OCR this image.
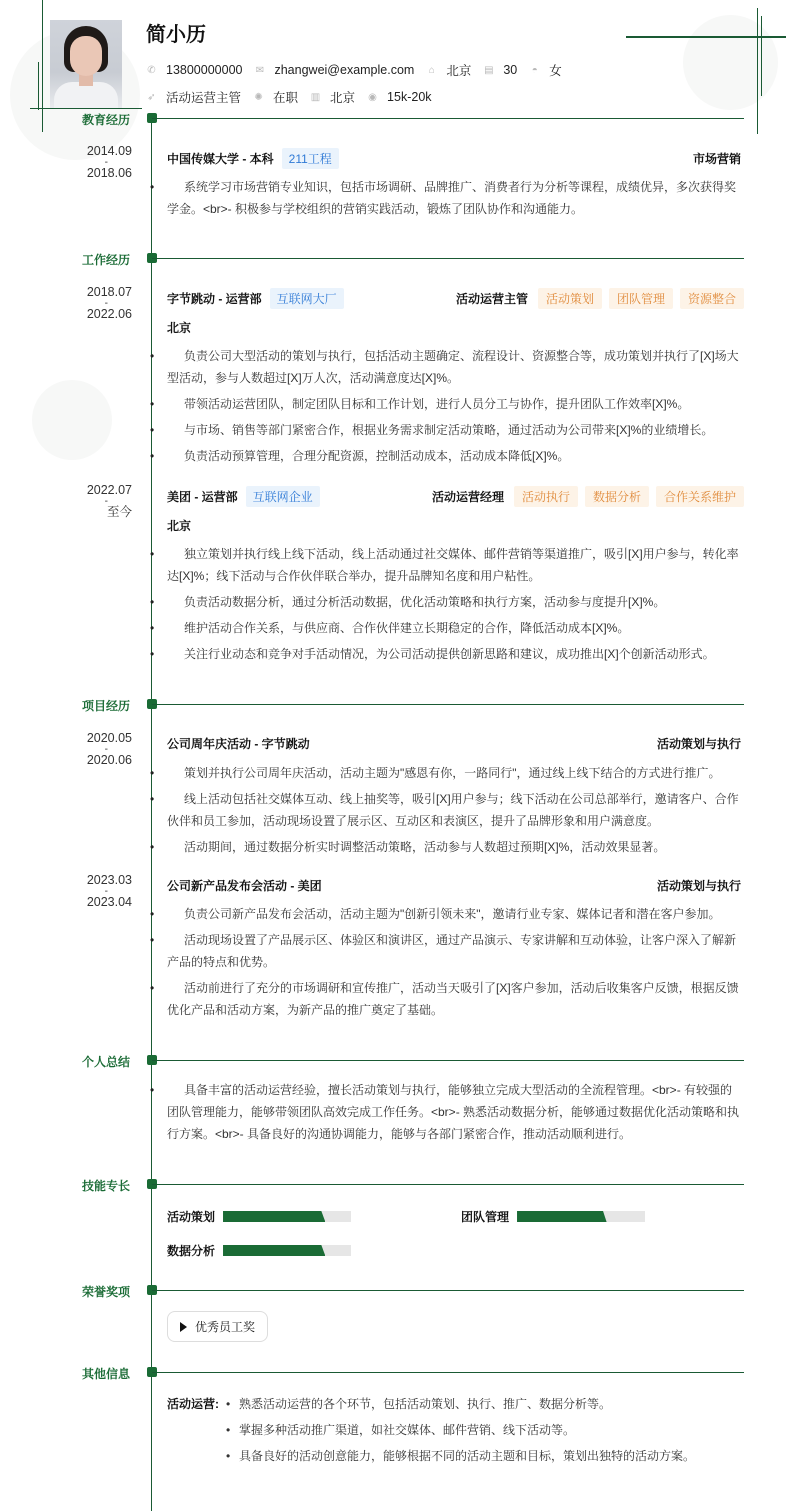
简小历
✆ 13800000000 ✉ zhangwei@example.com ⌂ 北京 ▤ 30 ◓ 女
➶ 活动运营主管 ✺ 在职 ▥ 北京 ◉ 15k-20k
教育经历
2014.09
-
2018.06
中国传媒大学 - 本科	211工程	市场营销
• 系统学习市场营销专业知识，包括市场调研、品牌推广、消费者行为分析等课程，成绩优异，多次获得奖学金。<br>- 积极参与学校组织的营销实践活动，锻炼了团队协作和沟通能力。
工作经历
2018.07
-
2022.06
字节跳动 - 运营部	互联网大厂	活动运营主管	活动策划	团队管理	资源整合
北京
• 负责公司大型活动的策划与执行，包括活动主题确定、流程设计、资源整合等，成功策划并执行了[X]场大型活动，参与人数超过[X]万人次，活动满意度达[X]%。
• 带领活动运营团队，制定团队目标和工作计划，进行人员分工与协作，提升团队工作效率[X]%。
• 与市场、销售等部门紧密合作，根据业务需求制定活动策略，通过活动为公司带来[X]%的业绩增长。
• 负责活动预算管理，合理分配资源，控制活动成本，活动成本降低[X]%。
2022.07
-
至今
美团 - 运营部	互联网企业	活动运营经理	活动执行	数据分析	合作关系维护
北京
• 独立策划并执行线上线下活动，线上活动通过社交媒体、邮件营销等渠道推广，吸引[X]用户参与，转化率达[X]%；线下活动与合作伙伴联合举办，提升品牌知名度和用户粘性。
• 负责活动数据分析，通过分析活动数据，优化活动策略和执行方案，活动参与度提升[X]%。
• 维护活动合作关系，与供应商、合作伙伴建立长期稳定的合作，降低活动成本[X]%。
• 关注行业动态和竞争对手活动情况，为公司活动提供创新思路和建议，成功推出[X]个创新活动形式。
项目经历
2020.05
-
2020.06
公司周年庆活动 - 字节跳动	活动策划与执行
• 策划并执行公司周年庆活动，活动主题为"感恩有你，一路同行"，通过线上线下结合的方式进行推广。
• 线上活动包括社交媒体互动、线上抽奖等，吸引[X]用户参与；线下活动在公司总部举行，邀请客户、合作伙伴和员工参加，活动现场设置了展示区、互动区和表演区，提升了品牌形象和用户满意度。
• 活动期间，通过数据分析实时调整活动策略，活动参与人数超过预期[X]%，活动效果显著。
2023.03
-
2023.04
公司新产品发布会活动 - 美团	活动策划与执行
• 负责公司新产品发布会活动，活动主题为"创新引领未来"，邀请行业专家、媒体记者和潜在客户参加。
• 活动现场设置了产品展示区、体验区和演讲区，通过产品演示、专家讲解和互动体验，让客户深入了解新产品的特点和优势。
• 活动前进行了充分的市场调研和宣传推广，活动当天吸引了[X]客户参加，活动后收集客户反馈，根据反馈优化产品和活动方案，为新产品的推广奠定了基础。
个人总结
• 具备丰富的活动运营经验，擅长活动策划与执行，能够独立完成大型活动的全流程管理。<br>- 有较强的团队管理能力，能够带领团队高效完成工作任务。<br>- 熟悉活动数据分析，能够通过数据优化活动策略和执行方案。<br>- 具备良好的沟通协调能力，能够与各部门紧密合作，推动活动顺利进行。
技能专长
活动策划	团队管理
数据分析
荣誉奖项
优秀员工奖
其他信息
活动运营:	• 熟悉活动运营的各个环节，包括活动策划、执行、推广、数据分析等。
• 掌握多种活动推广渠道，如社交媒体、邮件营销、线下活动等。
• 具备良好的活动创意能力，能够根据不同的活动主题和目标，策划出独特的活动方案。
